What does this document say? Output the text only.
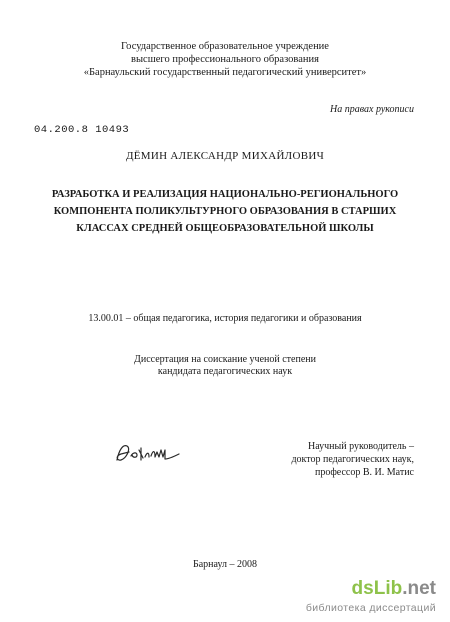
Государственное образовательное учреждение
высшего профессионального образования
«Барнаульский государственный педагогический университет»
На правах рукописи
04.200.8 10493
ДЁМИН АЛЕКСАНДР МИХАЙЛОВИЧ
РАЗРАБОТКА И РЕАЛИЗАЦИЯ НАЦИОНАЛЬНО-РЕГИОНАЛЬНОГО
КОМПОНЕНТА ПОЛИКУЛЬТУРНОГО ОБРАЗОВАНИЯ В СТАРШИХ
КЛАССАХ СРЕДНЕЙ ОБЩЕОБРАЗОВАТЕЛЬНОЙ ШКОЛЫ
13.00.01 – общая педагогика, история педагогики и образования
Диссертация на соискание ученой степени
кандидата педагогических наук
Научный руководитель –
доктор педагогических наук,
профессор В. И. Матис
Барнаул – 2008
dsLib.net
библиотека диссертаций
